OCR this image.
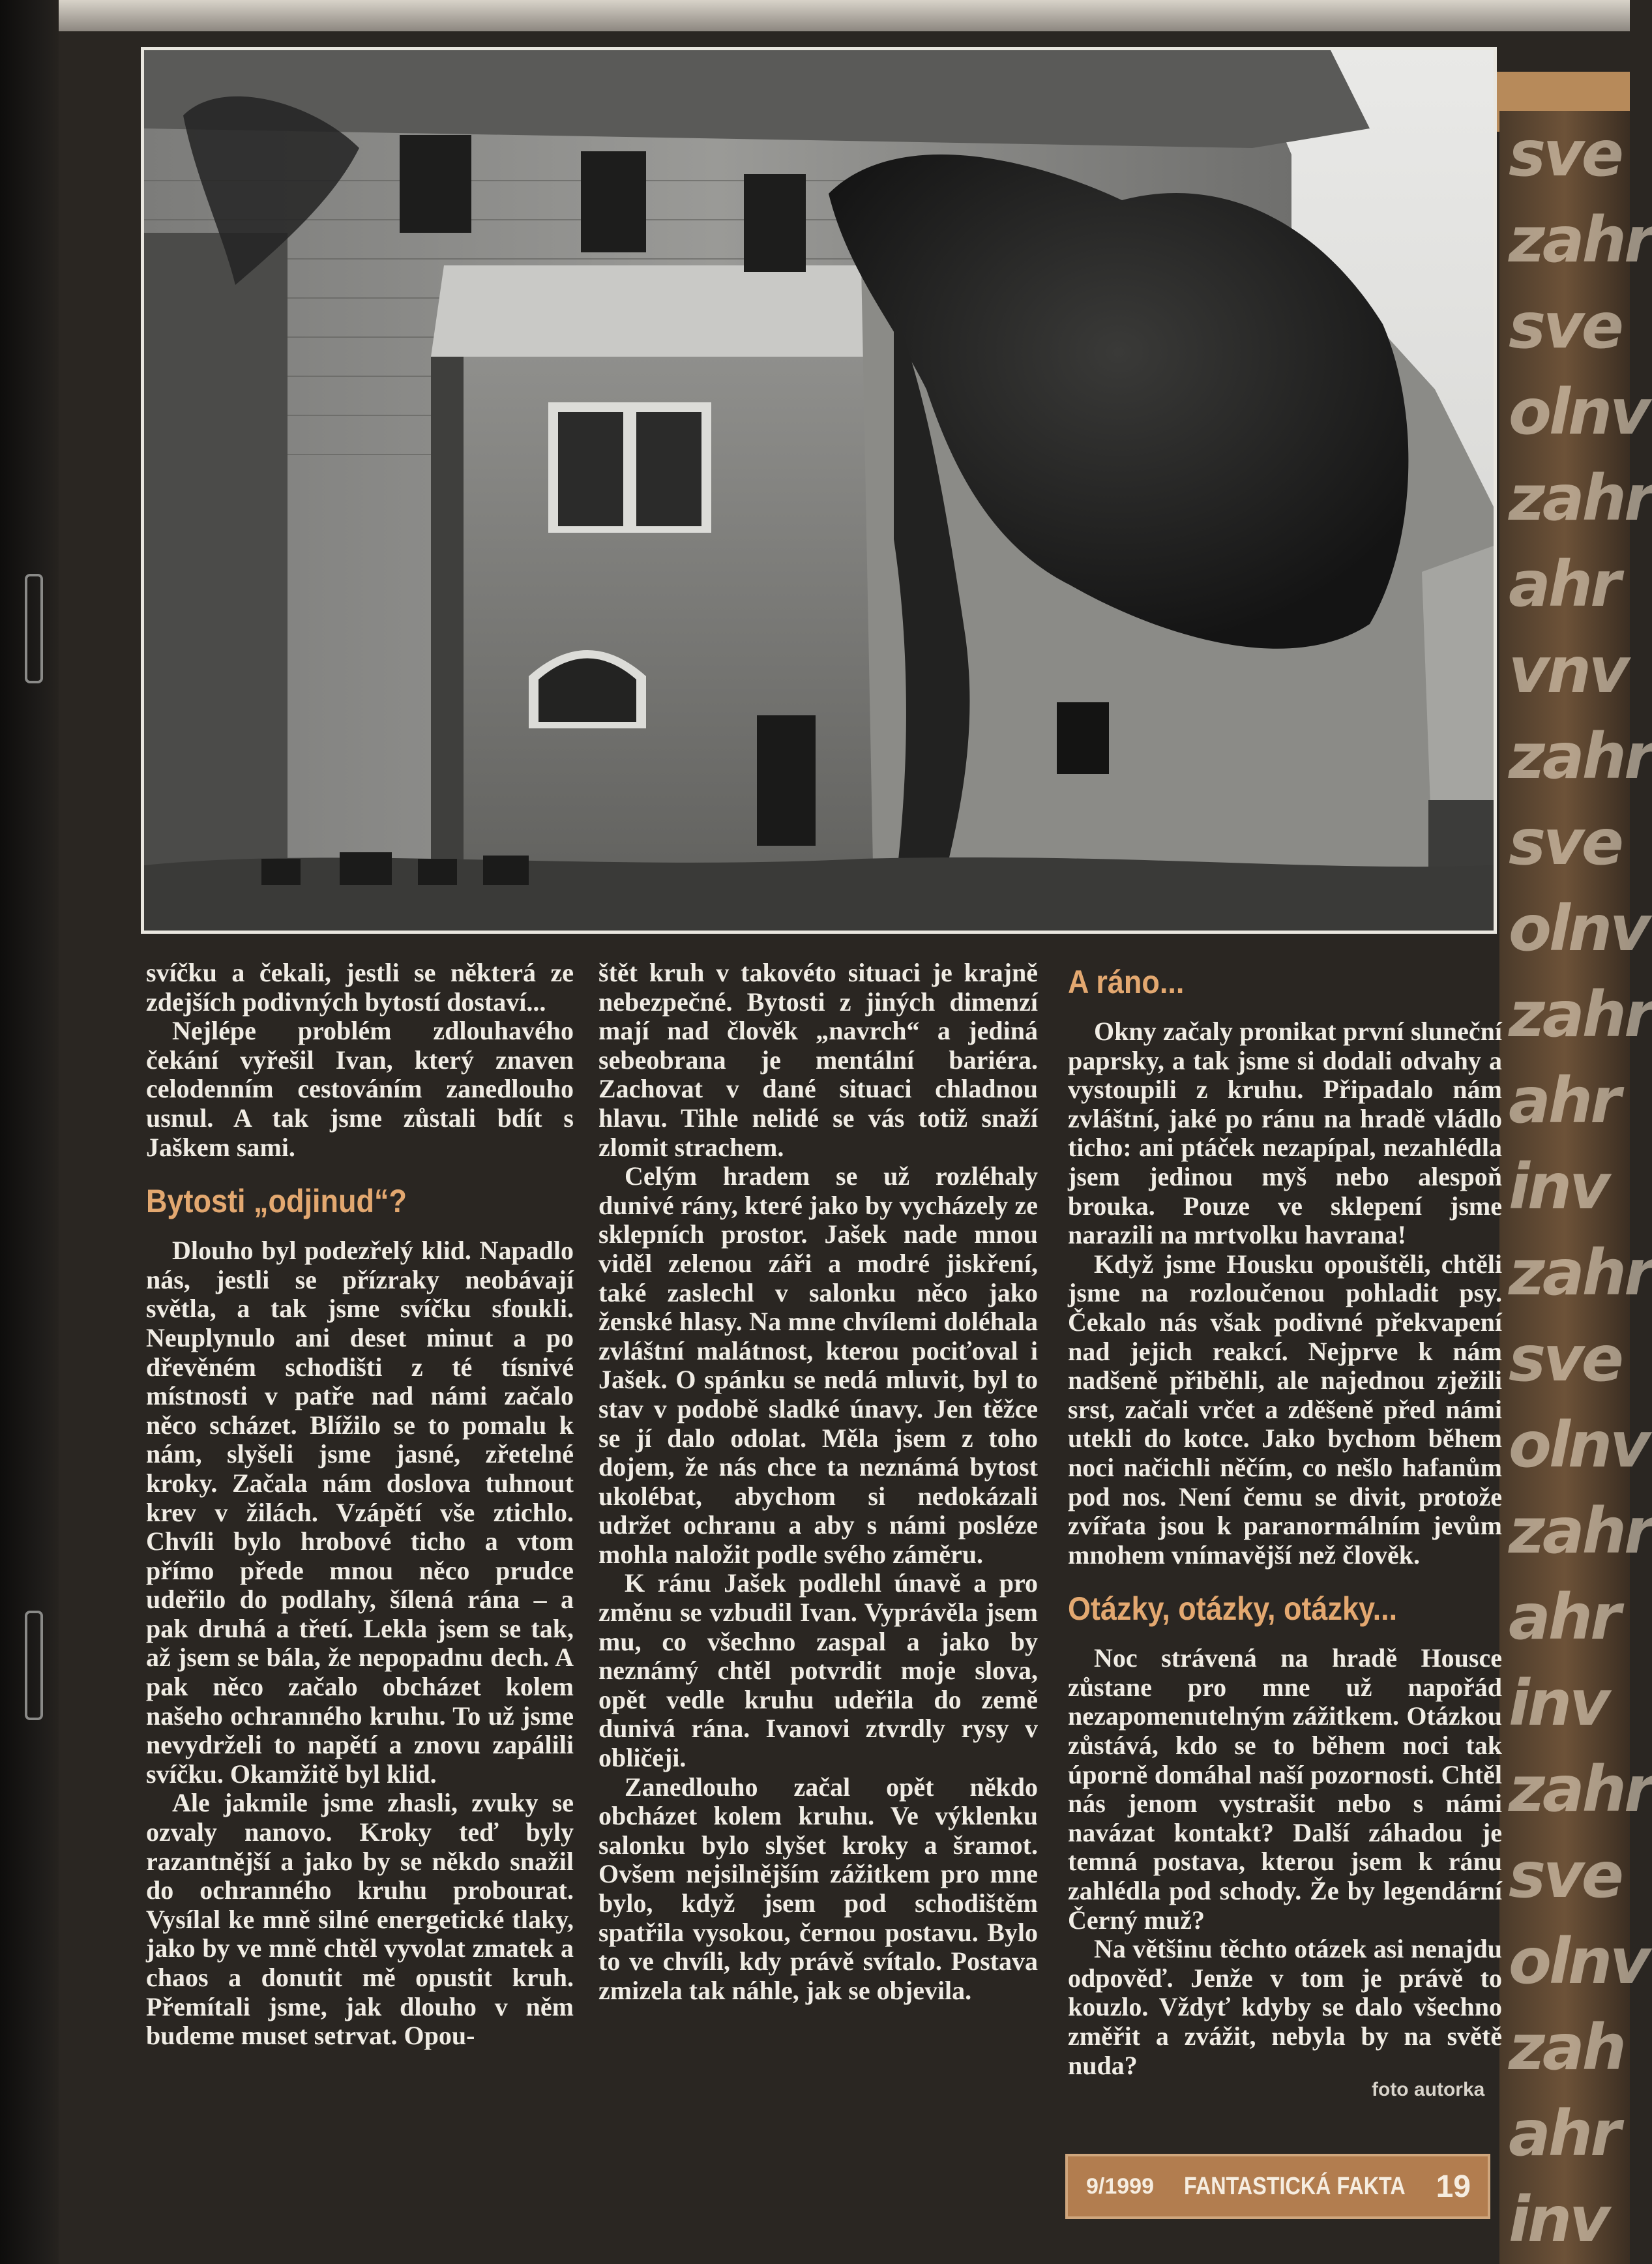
sve
zahr
sve
olnv
zahr
ahr
vnv
zahr
sve
olnv
zahr
ahr
inv
zahr
sve
olnv
zahr
ahr
inv
zahr
sve
olnv
zah
ahr
inv

svíčku a čekali, jestli se některá ze zdejších podivných bytostí dostaví...

Nejlépe problém zdlouhavého čekání vyřešil Ivan, který znaven celodenním cestováním zanedlouho usnul. A tak jsme zůstali bdít s Jaškem sami.

Bytosti „odjinud“?

Dlouho byl podezřelý klid. Napadlo nás, jestli se přízraky neobávají světla, a tak jsme svíčku sfoukli. Neuplynulo ani deset minut a po dřevěném schodišti z té tísnivé místnosti v patře nad námi začalo něco scházet. Blížilo se to pomalu k nám, slyšeli jsme jasné, zřetelné kroky. Začala nám doslova tuhnout krev v žilách. Vzápětí vše ztichlo. Chvíli bylo hrobové ticho a vtom přímo přede mnou něco prudce udeřilo do podlahy, šílená rána – a pak druhá a třetí. Lekla jsem se tak, až jsem se bála, že nepopadnu dech. A pak něco začalo obcházet kolem našeho ochranného kruhu. To už jsme nevydrželi to napětí a znovu zapálili svíčku. Okamžitě byl klid.

Ale jakmile jsme zhasli, zvuky se ozvaly nanovo. Kroky teď byly razantnější a jako by se někdo snažil do ochranného kruhu probourat. Vysílal ke mně silné energetické tlaky, jako by ve mně chtěl vyvolat zmatek a chaos a donutit mě opustit kruh. Přemítali jsme, jak dlouho v něm budeme muset setrvat. Opou-

štět kruh v takovéto situaci je krajně nebezpečné. Bytosti z jiných dimenzí mají nad člověk „navrch“ a jediná sebeobrana je mentální bariéra. Zachovat v dané situaci chladnou hlavu. Tihle nelidé se vás totiž snaží zlomit strachem.

Celým hradem se už rozléhaly dunivé rány, které jako by vycházely ze sklepních prostor. Jašek nade mnou viděl zelenou záři a modré jiskření, také zaslechl v salonku něco jako ženské hlasy. Na mne chvílemi doléhala zvláštní malátnost, kterou pociťoval i Jašek. O spánku se nedá mluvit, byl to stav v podobě sladké únavy. Jen těžce se jí dalo odolat. Měla jsem z toho dojem, že nás chce ta neznámá bytost ukolébat, abychom si nedokázali udržet ochranu a aby s námi posléze mohla naložit podle svého záměru.

K ránu Jašek podlehl únavě a pro změnu se vzbudil Ivan. Vyprávěla jsem mu, co všechno zaspal a jako by neznámý chtěl potvrdit moje slova, opět vedle kruhu udeřila do země dunivá rána. Ivanovi ztvrdly rysy v obličeji.

Zanedlouho začal opět někdo obcházet kolem kruhu. Ve výklenku salonku bylo slyšet kroky a šramot. Ovšem nejsilnějším zážitkem pro mne bylo, když jsem pod schodištěm spatřila vysokou, černou postavu. Bylo to ve chvíli, kdy právě svítalo. Postava zmizela tak náhle, jak se objevila.

A ráno...

Okny začaly pronikat první sluneční paprsky, a tak jsme si dodali odvahy a vystoupili z kruhu. Připadalo nám zvláštní, jaké po ránu na hradě vládlo ticho: ani ptáček nezapípal, nezahlédla jsem jedinou myš nebo alespoň brouka. Pouze ve sklepení jsme narazili na mrtvolku havrana!

Když jsme Housku opouštěli, chtěli jsme na rozloučenou pohladit psy. Čekalo nás však podivné překvapení nad jejich reakcí. Nejprve k nám nadšeně přiběhli, ale najednou zježili srst, začali vrčet a zděšeně před námi utekli do kotce. Jako bychom během noci načichli něčím, co nešlo hafanům pod nos. Není čemu se divit, protože zvířata jsou k paranormálním jevům mnohem vnímavější než člověk.

Otázky, otázky, otázky...

Noc strávená na hradě Housce zůstane pro mne už napořád nezapomenutelným zážitkem. Otázkou zůstává, kdo se to během noci tak úporně domáhal naší pozornosti. Chtěl nás jenom vystrašit nebo s námi navázat kontakt? Další záhadou je temná postava, kterou jsem k ránu zahlédla pod schody. Že by legendární Černý muž?

Na většinu těchto otázek asi nenajdu odpověď. Jenže v tom je právě to kouzlo. Vždyť kdyby se dalo všechno změřit a zvážit, nebyla by na světě nuda?

foto autorka
9/1999 FANTASTICKÁ FAKTA 19
